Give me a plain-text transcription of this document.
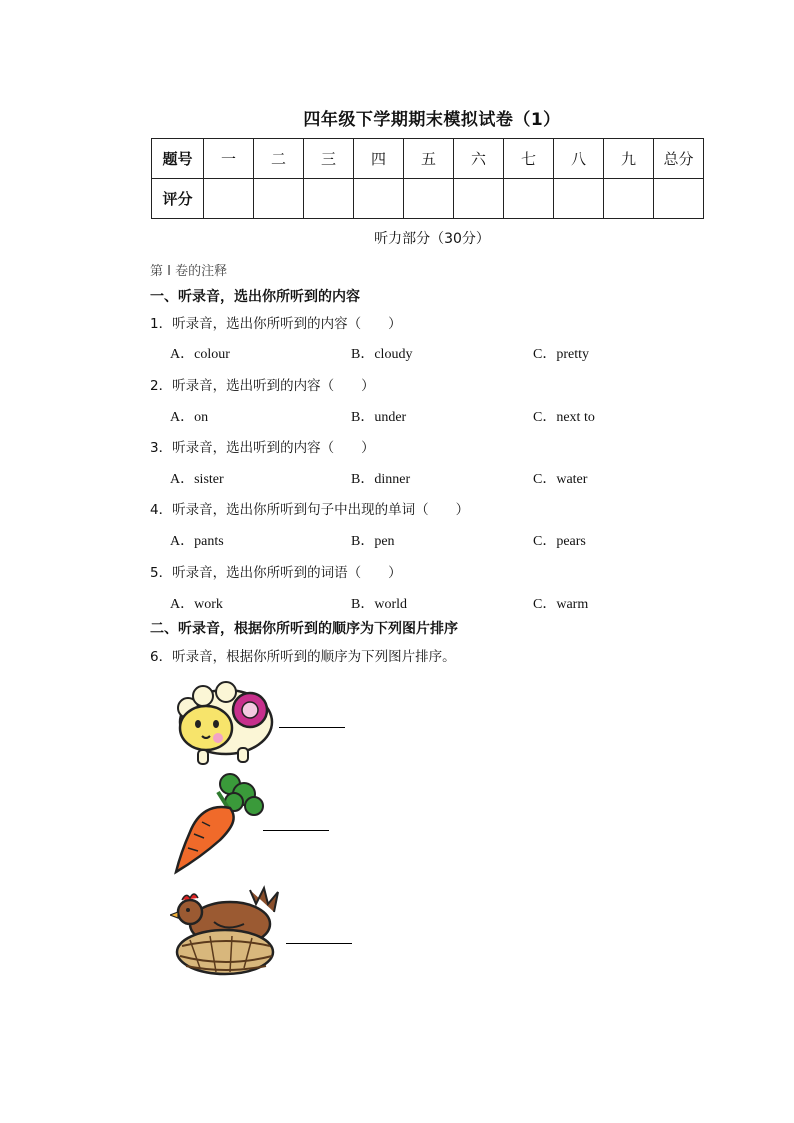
四年级下学期期末模拟试卷（1）
题号	一	二	三	四	五	六	七	八	九	总分
评分										
听力部分（30分）
第 I 卷的注释
一、听录音，选出你所听到的内容
1．听录音，选出你所听到的内容（　　）
A．colour	B．cloudy	C．pretty
2．听录音，选出听到的内容（　　）
A．on	B．under	C．next to
3．听录音，选出听到的内容（　　）
A．sister	B．dinner	C．water
4．听录音，选出你所听到句子中出现的单词（　　）
A．pants	B．pen	C．pears
5．听录音，选出你所听到的词语（　　）
A．work	B．world	C．warm
二、听录音，根据你所听到的顺序为下列图片排序
6．听录音，根据你所听到的顺序为下列图片排序。
